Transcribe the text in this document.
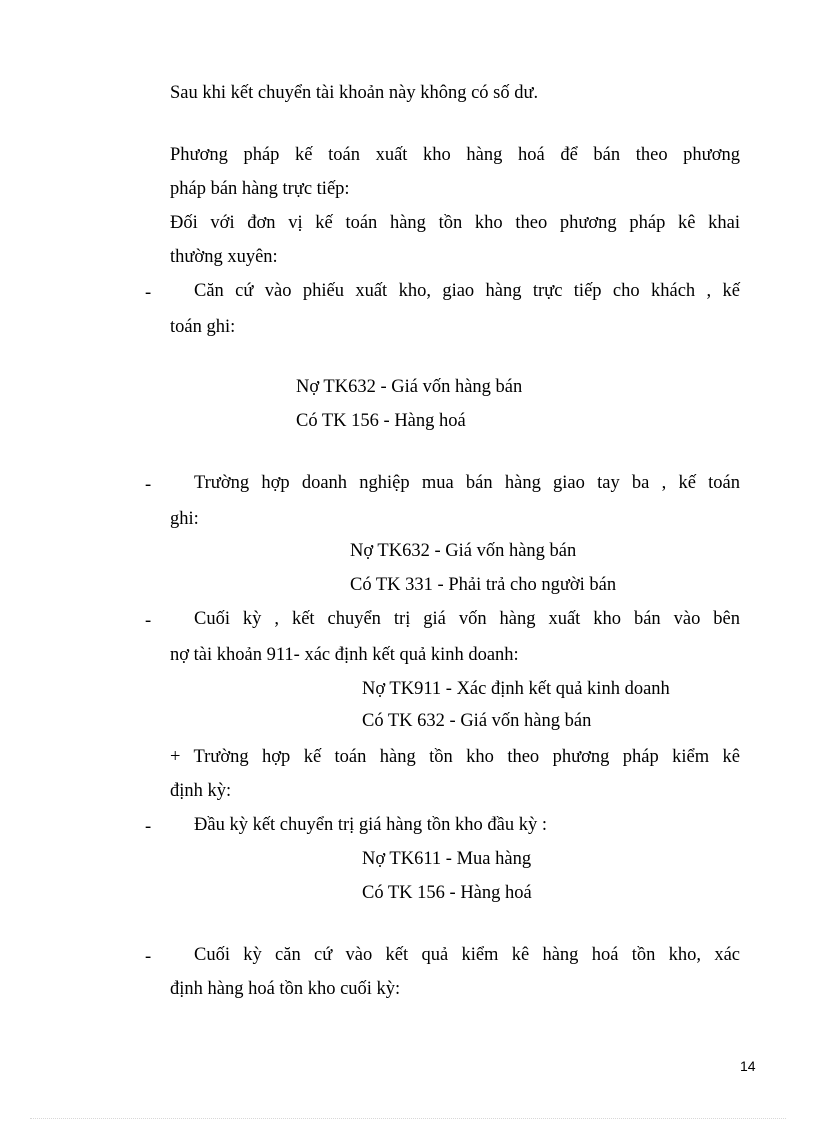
Sau khi kết chuyển tài khoản này không có số dư.
Phương pháp kế toán xuất kho hàng hoá để bán theo phương
pháp bán hàng trực tiếp:
Đối với đơn vị kế toán hàng tồn kho theo phương pháp kê khai
thường xuyên:
- Căn cứ vào phiếu xuất kho, giao hàng trực tiếp cho khách , kế
toán ghi:
Nợ TK632 - Giá vốn hàng bán
Có TK 156 - Hàng hoá
- Trường hợp doanh nghiệp mua bán hàng giao tay ba , kế toán
ghi:
Nợ TK632 - Giá vốn hàng bán
Có TK 331 - Phải trả cho người bán
- Cuối kỳ , kết chuyển trị giá vốn hàng xuất kho bán vào bên
nợ tài khoản 911- xác định kết quả kinh doanh:
Nợ TK911 - Xác định kết quả kinh doanh
Có TK 632 - Giá vốn hàng bán
+ Trường hợp kế toán hàng tồn kho theo phương pháp kiểm kê
định kỳ:
- Đầu kỳ kết chuyển trị giá hàng tồn kho đầu kỳ :
Nợ TK611 - Mua hàng
Có TK 156 - Hàng hoá
- Cuối kỳ căn cứ vào kết quả kiểm kê hàng hoá tồn kho, xác
định hàng hoá tồn kho cuối kỳ:
14
